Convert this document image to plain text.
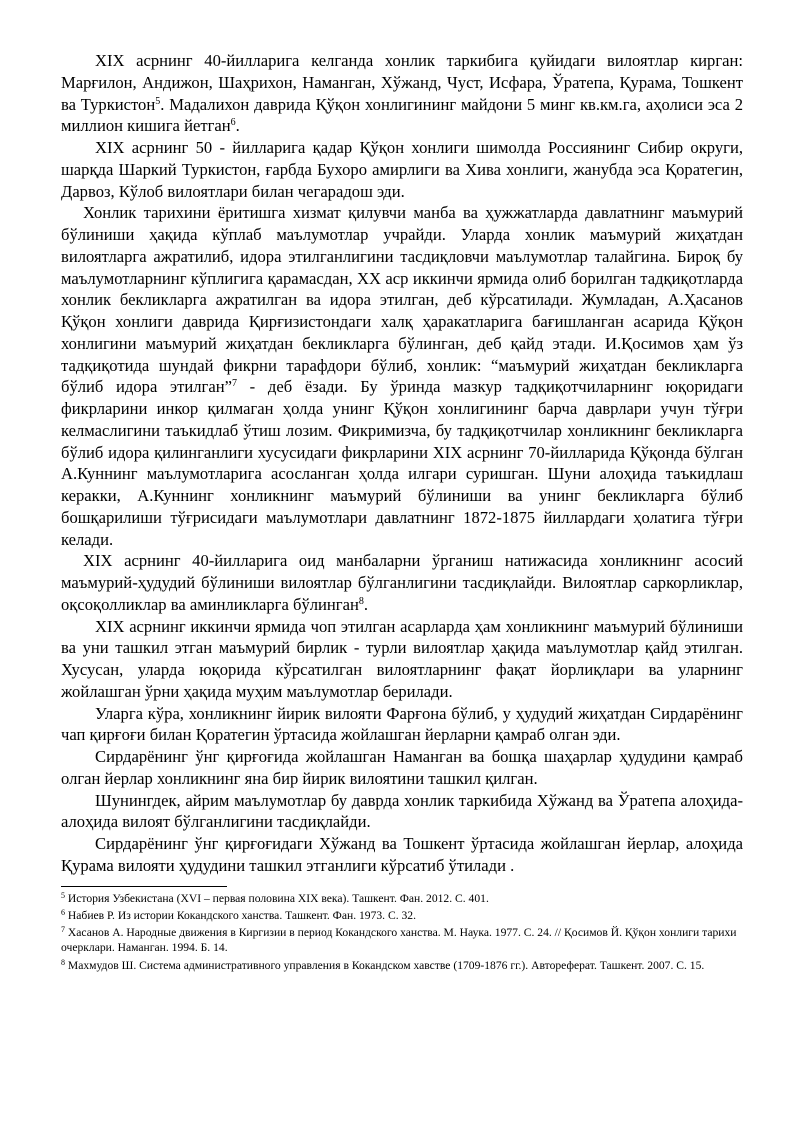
XIX асрнинг 40-йилларига келганда хонлик таркибига қуйидаги вилоятлар кирган: Марғилон, Андижон, Шаҳрихон, Наманган, Хўжанд, Чуст, Исфара, Ўратепа, Қурама, Тошкент ва Туркистон$^5$. Мадалихон даврида Қўқон хонлигининг майдони 5 минг кв.км.га, аҳолиси эса 2 миллион кишига йетган$^6$.

XIX асрнинг 50 - йилларига қадар Қўқон хонлиги шимолда Россиянинг Сибир округи, шарқда Шаркий Туркистон, ғарбда Бухоро амирлиги ва Хива хонлиги, жанубда эса Қоратегин, Дарвоз, Кўлоб вилоятлари билан чегарадош эди.

Хонлик тарихини ёритишга хизмат қилувчи манба ва ҳужжатларда давлатнинг маъмурий бўлиниши ҳақида кўплаб маълумотлар учрайди. Уларда хонлик маъмурий жиҳатдан вилоятларга ажратилиб, идора этилганлигини тасдиқловчи маълумотлар талайгина. Бироқ бу маълумотларнинг кўплигига қарамасдан, XX аср иккинчи ярмида олиб борилган тадқиқотларда хонлик бекликларга ажратилган ва идора этилган, деб кўрсатилади. Жумладан, А.Ҳасанов Қўқон хонлиги даврида Қирғизистондаги халқ ҳаракатларига бағишланган асарида Қўқон хонлигини маъмурий жиҳатдан бекликларга бўлинган, деб қайд этади. И.Қосимов ҳам ўз тадқиқотида шундай фикрни тарафдори бўлиб, хонлик: “маъмурий жиҳатдан бекликларга бўлиб идора этилган”$^7$ - деб ёзади. Бу ўринда мазкур тадқиқотчиларнинг юқоридаги фикрларини инкор қилмаган ҳолда унинг Қўқон хонлигининг барча даврлари учун тўғри келмаслигини таъкидлаб ўтиш лозим. Фикримизча, бу тадқиқотчилар хонликнинг бекликларга бўлиб идора қилинганлиги хусусидаги фикрларини XIX асрнинг 70-йилларида Қўқонда бўлган А.Куннинг маълумотларига асосланган ҳолда илгари суришган. Шуни алоҳида таъкидлаш керакки, А.Куннинг хонликнинг маъмурий бўлиниши ва унинг бекликларга бўлиб бошқарилиши тўғрисидаги маълумотлари давлатнинг 1872-1875 йиллардаги ҳолатига тўғри келади.

XIX асрнинг 40-йилларига оид манбаларни ўрганиш натижасида хонликнинг асосий маъмурий-ҳудудий бўлиниши вилоятлар бўлганлигини тасдиқлайди. Вилоятлар саркорликлар, оқсоқолликлар ва аминликларга бўлинган$^8$.

XIX асрнинг иккинчи ярмида чоп этилган асарларда ҳам хонликнинг маъмурий бўлиниши ва уни ташкил этган маъмурий бирлик - турли вилоятлар ҳақида маълумотлар қайд этилган. Хусусан, уларда юқорида кўрсатилган вилоятларнинг фақат йорлиқлари ва уларнинг жойлашган ўрни ҳақида муҳим маълумотлар берилади.

Уларга кўра, хонликнинг йирик вилояти Фарғона бўлиб, у ҳудудий жиҳатдан Сирдарёнинг чап қирғоғи билан Қоратегин ўртасида жойлашган йерларни қамраб олган эди.

Сирдарёнинг ўнг қирғоғида жойлашган Наманган ва бошқа шаҳарлар ҳудудини қамраб олган йерлар хонликнинг яна бир йирик вилоятини ташкил қилган.

Шунингдек, айрим маълумотлар бу даврда хонлик таркибида Хўжанд ва Ўратепа алоҳида-алоҳида вилоят бўлганлигини тасдиқлайди.

Сирдарёнинг ўнг қирғоғидаги Хўжанд ва Тошкент ўртасида жойлашган йерлар, алоҳида Қурама вилояти ҳудудини ташкил этганлиги кўрсатиб ўтилади .

$^5$ История Узбекистана (XVI – первая половина XIX века). Ташкент. Фан. 2012. С. 401.

$^6$ Набиев Р. Из истории Кокандского ханства. Ташкент. Фан. 1973. С. 32.

$^7$ Хасанов А. Народные движения в Киргизии в период Кокандского ханства. М. Наука. 1977. С. 24. // Қосимов Й. Қўқон хонлиги тарихи очерклари. Наманган. 1994. Б. 14.

$^8$ Махмудов Ш. Система административного управления в Кокандском хавстве (1709-1876 гг.). Автореферат. Ташкент. 2007. С. 15.
